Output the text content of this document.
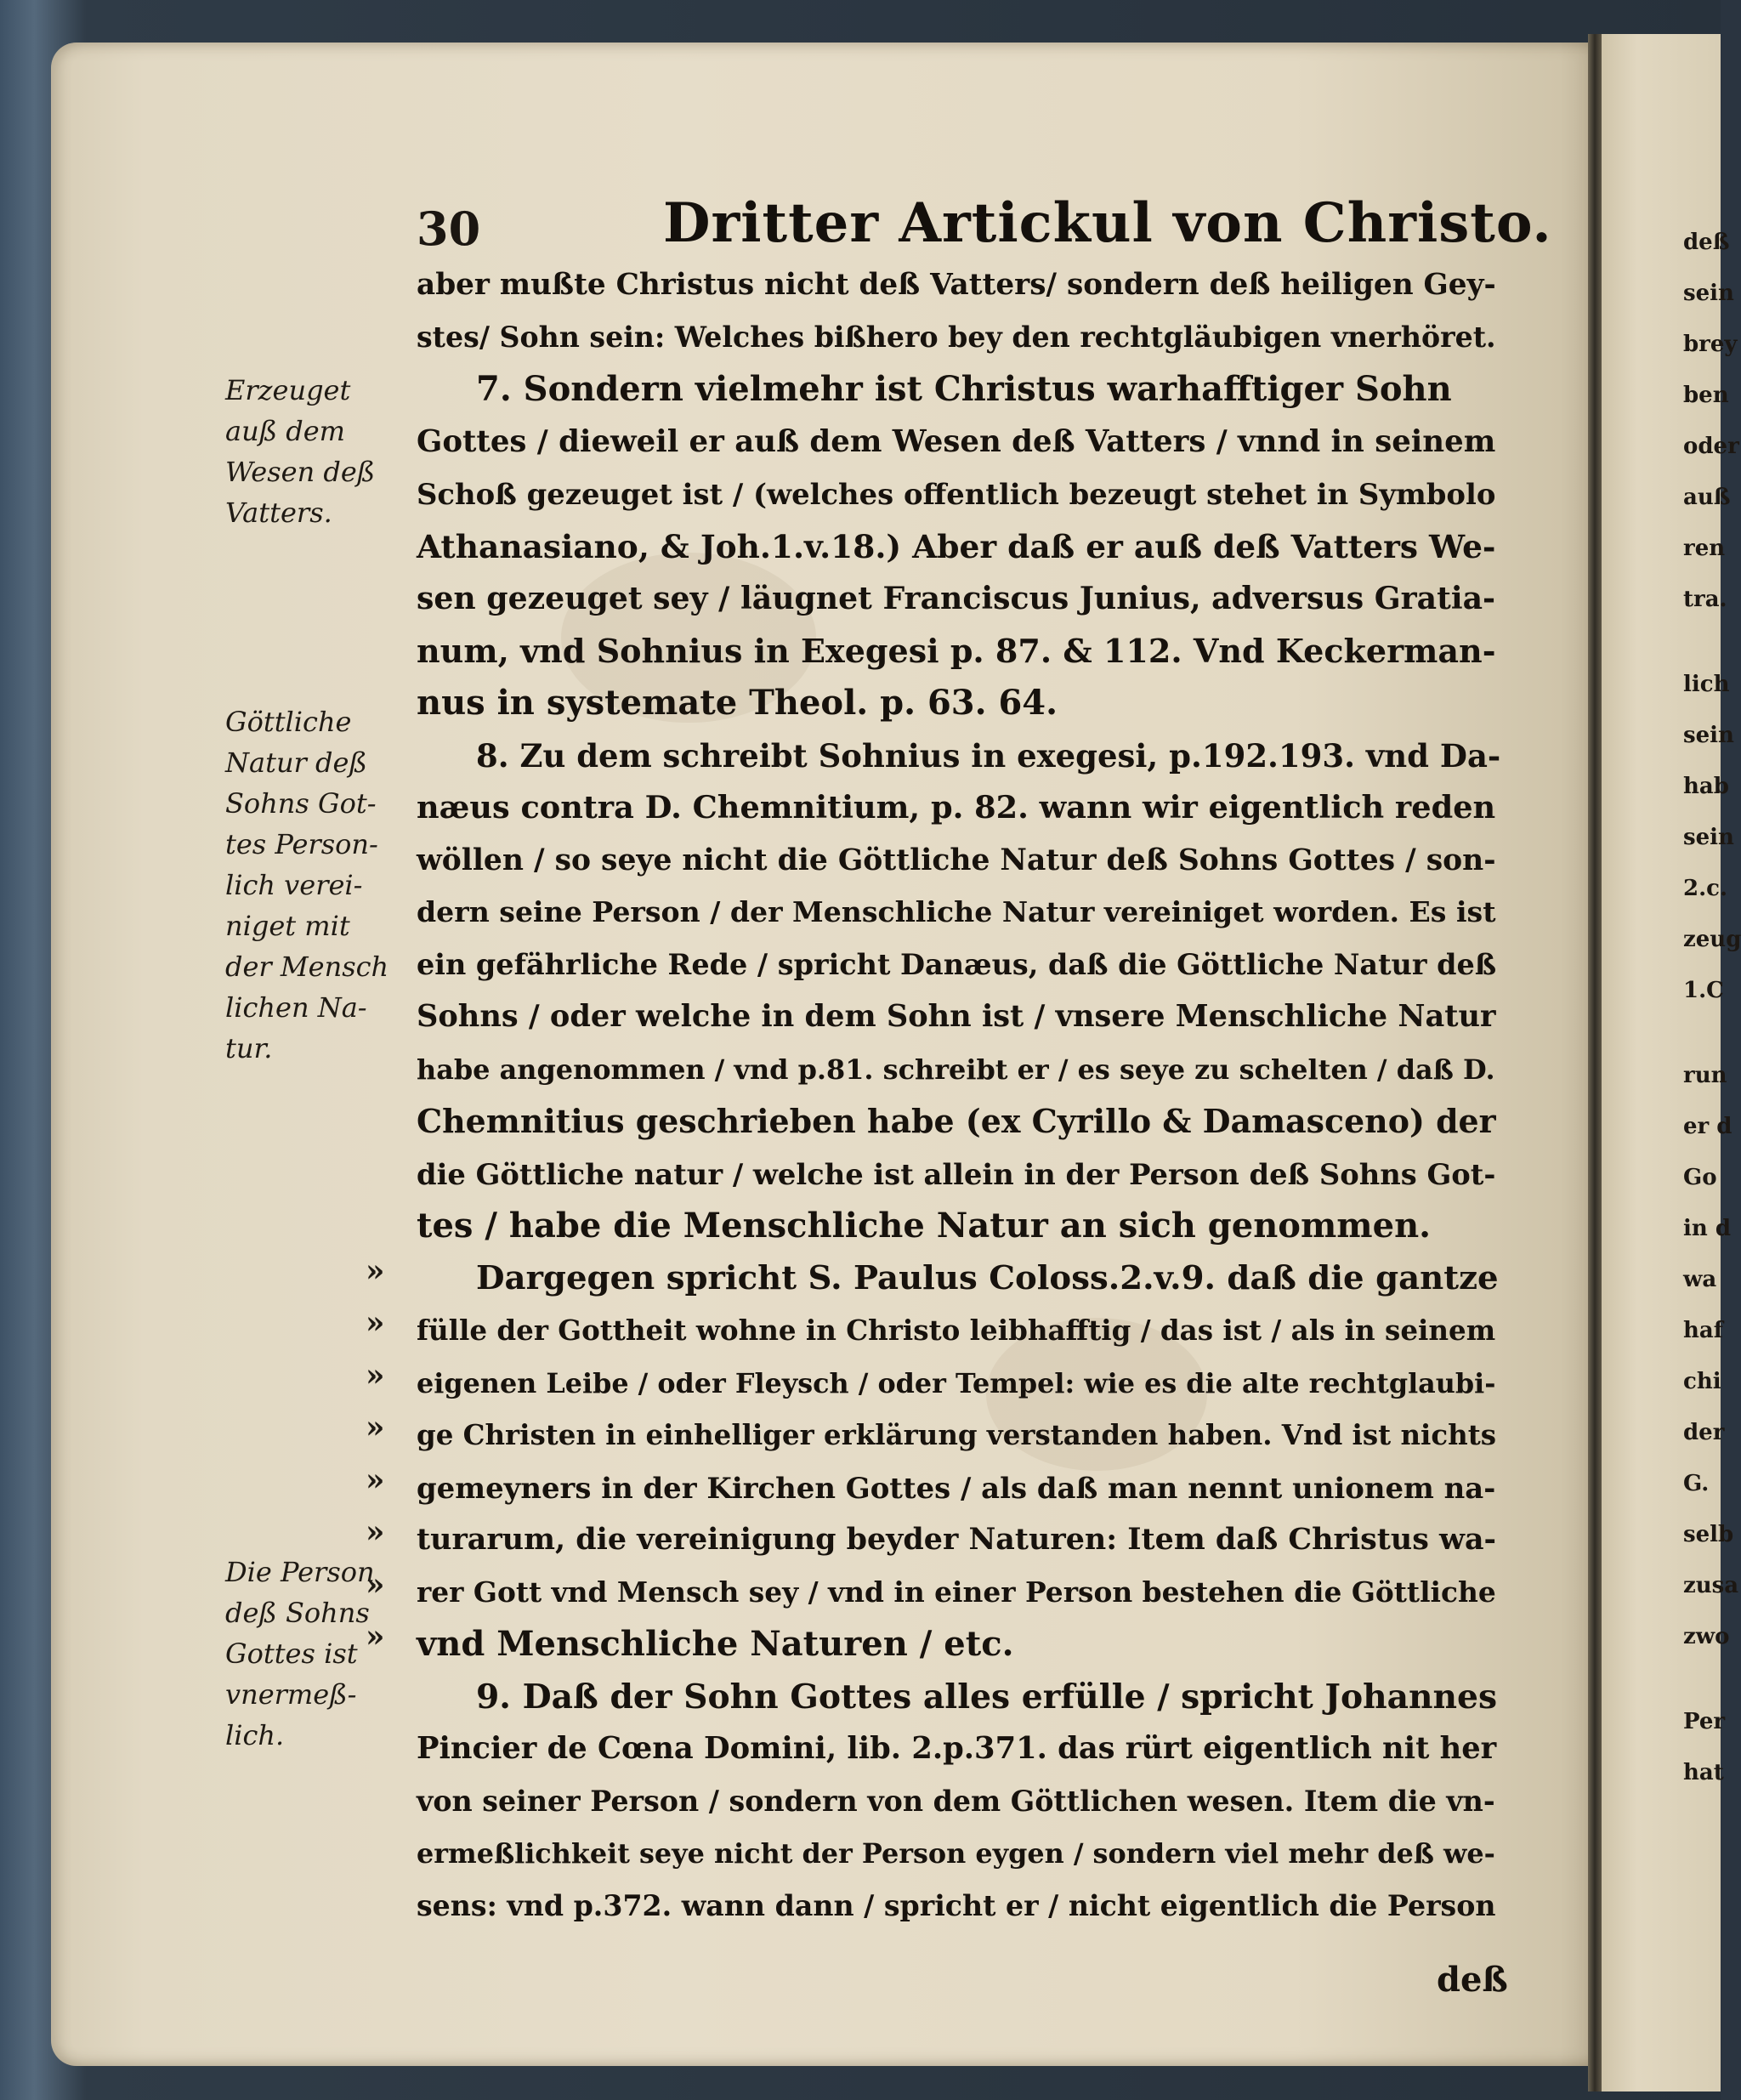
deß
sein
brey
ben
oder
auß
ren
tra.
lich
sein
hab
sein
2.c.
zeug
1.C
run
er d
Go
in d
wa
haf
chi
der
G.
selb
zusa
zwo
Per
hat
30	Dritter Artickul von Christo.
aber mußte Christus nicht deß Vatters/ sondern deß heiligen Gey-
stes/ Sohn sein: Welches bißhero bey den rechtgläubigen vnerhöret.
7. Sondern vielmehr ist Christus warhafftiger Sohn
Gottes / dieweil er auß dem Wesen deß Vatters / vnnd in seinem
Schoß gezeuget ist / (welches offentlich bezeugt stehet in Symbolo
Athanasiano, & Joh.1.v.18.) Aber daß er auß deß Vatters We-
sen gezeuget sey / läugnet Franciscus Junius, adversus Gratia-
num, vnd Sohnius in Exegesi p. 87. & 112. Vnd Keckerman-
nus in systemate Theol. p. 63. 64.
8. Zu dem schreibt Sohnius in exegesi, p.192.193. vnd Da-
næus contra D. Chemnitium, p. 82. wann wir eigentlich reden
wöllen / so seye nicht die Göttliche Natur deß Sohns Gottes / son-
dern seine Person / der Menschliche Natur vereiniget worden. Es ist
ein gefährliche Rede / spricht Danæus, daß die Göttliche Natur deß
Sohns / oder welche in dem Sohn ist / vnsere Menschliche Natur
habe angenommen / vnd p.81. schreibt er / es seye zu schelten / daß D.
Chemnitius geschrieben habe (ex Cyrillo & Damasceno) der
die Göttliche natur / welche ist allein in der Person deß Sohns Got-
tes / habe die Menschliche Natur an sich genommen.
Dargegen spricht S. Paulus Coloss.2.v.9. daß die gantze
»
fülle der Gottheit wohne in Christo leibhafftig / das ist / als in seinem
»
eigenen Leibe / oder Fleysch / oder Tempel: wie es die alte rechtglaubi-
»
ge Christen in einhelliger erklärung verstanden haben. Vnd ist nichts
»
gemeyners in der Kirchen Gottes / als daß man nennt unionem na-
»
turarum, die vereinigung beyder Naturen: Item daß Christus wa-
»
rer Gott vnd Mensch sey / vnd in einer Person bestehen die Göttliche
»
vnd Menschliche Naturen / etc.
»
9. Daß der Sohn Gottes alles erfülle / spricht Johannes
Pincier de Cœna Domini, lib. 2.p.371. das rürt eigentlich nit her
von seiner Person / sondern von dem Göttlichen wesen. Item die vn-
ermeßlichkeit seye nicht der Person eygen / sondern viel mehr deß we-
sens: vnd p.372. wann dann / spricht er / nicht eigentlich die Person
Erzeuget
auß dem
Wesen deß
Vatters.
Göttliche
Natur deß
Sohns Got-
tes Person-
lich verei-
niget mit
der Mensch
lichen Na-
tur.
Die Person
deß Sohns
Gottes ist
vnermeß-
lich.
deß
